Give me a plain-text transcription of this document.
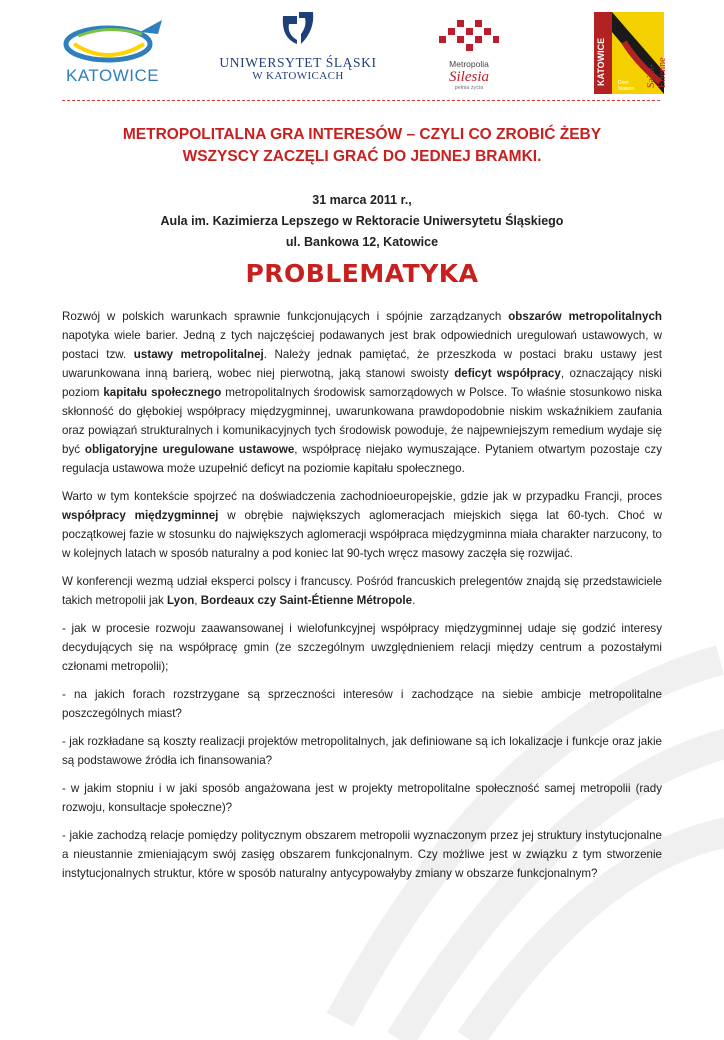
KATOWICE
UNIWERSYTET ŚLĄSKI
W KATOWICACH
Metropolia
Silesia
pełnia życia
KATOWICE	Saint-Étienne
Dom Maison
METROPOLITALNA GRA INTERESÓW – CZYLI CO ZROBIĆ ŻEBY
WSZYSCY ZACZĘLI GRAĆ DO JEDNEJ BRAMKI.
31 marca 2011 r.,
Aula im. Kazimierza Lepszego w Rektoracie Uniwersytetu Śląskiego
ul. Bankowa 12, Katowice
PROBLEMATYKA

Rozwój w polskich warunkach sprawnie funkcjonujących i spójnie zarządzanych obszarów metropolitalnych napotyka wiele barier. Jedną z tych najczęściej podawanych jest brak odpowiednich uregulowań ustawowych, w postaci tzw. ustawy metropolitalnej. Należy jednak pamiętać, że przeszkoda w postaci braku ustawy jest uwarunkowana inną barierą, wobec niej pierwotną, jaką stanowi swoisty deficyt współpracy, oznaczający niski poziom kapitału społecznego metropolitalnych środowisk samorządowych w Polsce. To właśnie stosunkowo niska skłonność do głębokiej współpracy międzygminnej, uwarunkowana prawdopodobnie niskim wskaźnikiem zaufania oraz powiązań strukturalnych i komunikacyjnych tych środowisk powoduje, że najpewniejszym remedium wydaje się być obligatoryjne uregulowane ustawowe, współpracę niejako wymuszające. Pytaniem otwartym pozostaje czy regulacja ustawowa może uzupełnić deficyt na poziomie kapitału społecznego.

Warto w tym kontekście spojrzeć na doświadczenia zachodnioeuropejskie, gdzie jak w przypadku Francji, proces współpracy międzygminnej w obrębie największych aglomeracjach miejskich sięga lat 60-tych. Choć w początkowej fazie w stosunku do największych aglomeracji współpraca międzygminna miała charakter narzucony, to w kolejnych latach w sposób naturalny a pod koniec lat 90-tych wręcz masowy zaczęła się rozwijać.

W konferencji wezmą udział eksperci polscy i francuscy. Pośród francuskich prelegentów znajdą się przedstawiciele takich metropolii jak Lyon, Bordeaux czy Saint-Étienne Métropole.

- jak w procesie rozwoju zaawansowanej i wielofunkcyjnej współpracy międzygminnej udaje się godzić interesy decydujących się na współpracę gmin (ze szczególnym uwzględnieniem relacji między centrum a pozostałymi członami metropolii);

- na jakich forach rozstrzygane są sprzeczności interesów i zachodzące na siebie ambicje metropolitalne poszczególnych miast?

- jak rozkładane są koszty realizacji projektów metropolitalnych, jak definiowane są ich lokalizacje i funkcje oraz jakie są podstawowe źródła ich finansowania?

- w jakim stopniu i w jaki sposób angażowana jest w projekty metropolitalne społeczność samej metropolii (rady rozwoju, konsultacje społeczne)?

- jakie zachodzą relacje pomiędzy politycznym obszarem metropolii wyznaczonym przez jej struktury instytucjonalne a nieustannie zmieniającym swój zasięg obszarem funkcjonalnym. Czy możliwe jest w związku z tym stworzenie instytucjonalnych struktur, które w sposób naturalny antycypowałyby zmiany w obszarze funkcjonalnym?
